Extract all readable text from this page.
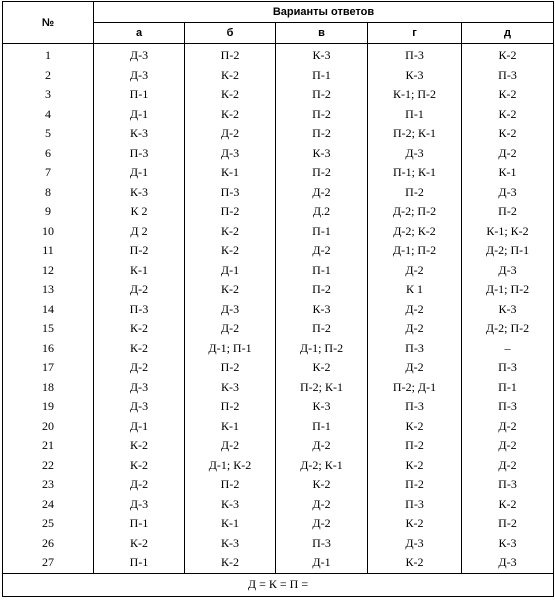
№	Варианты ответов				
	а	б	в	г	д
1	Д-3	П-2	К-3	П-3	К-2
2	Д-3	К-2	П-1	К-3	П-3
3	П-1	К-2	П-2	К-1; П-2	К-2
4	Д-1	К-2	П-2	П-1	К-2
5	К-3	Д-2	П-2	П-2; К-1	К-2
6	П-3	Д-3	К-3	Д-3	Д-2
7	Д-1	К-1	П-2	П-1; К-1	К-1
8	К-3	П-3	Д-2	П-2	Д-3
9	К 2	П-2	Д.2	Д-2; П-2	П-2
10	Д 2	К-2	П-1	Д-2; К-2	К-1; К-2
11	П-2	К-2	Д-2	Д-1; П-2	Д-2; П-1
12	К-1	Д-1	П-1	Д-2	Д-3
13	Д-2	К-2	П-2	К 1	Д-1; П-2
14	П-3	Д-3	К-3	Д-2	К-3
15	К-2	Д-2	П-2	Д-2	Д-2; П-2
16	К-2	Д-1; П-1	Д-1; П-2	П-3	–
17	Д-2	П-2	К-2	Д-2	П-3
18	Д-3	К-3	П-2; К-1	П-2; Д-1	П-1
19	Д-3	П-2	К-3	П-3	П-3
20	Д-1	К-1	П-1	К-2	Д-2
21	К-2	Д-2	Д-2	П-2	Д-2
22	К-2	Д-1; К-2	Д-2; К-1	К-2	Д-2
23	Д-2	П-2	К-2	П-2	П-3
24	Д-3	К-3	Д-2	П-3	К-2
25	П-1	К-1	Д-2	К-2	П-2
26	К-2	К-3	П-3	Д-3	К-3
27	П-1	К-2	Д-1	К-2	Д-3
Д = К = П =					
